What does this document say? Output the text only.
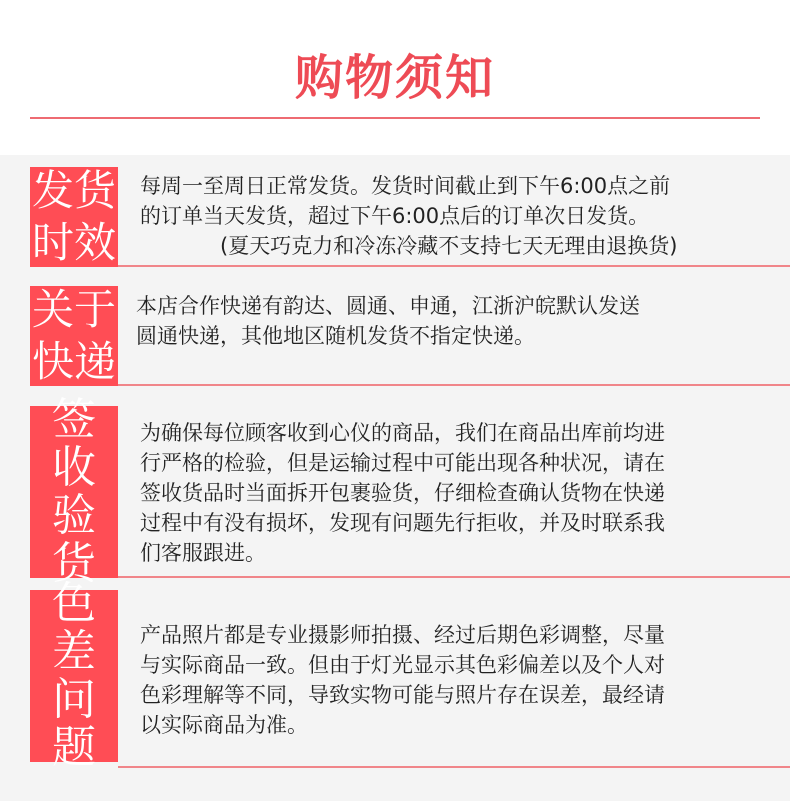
购物须知
发货
时效
每周一至周日正常发货。发货时间截止到下午6:00点之前
的订单当天发货，超过下午6:00点后的订单次日发货。
(夏天巧克力和冷冻冷藏不支持七天无理由退换货)
关于
快递
本店合作快递有韵达、圆通、申通，江浙沪皖默认发送
圆通快递，其他地区随机发货不指定快递。
签
收
验
货
为确保每位顾客收到心仪的商品，我们在商品出库前均进
行严格的检验，但是运输过程中可能出现各种状况，请在
签收货品时当面拆开包裹验货，仔细检查确认货物在快递
过程中有没有损坏，发现有问题先行拒收，并及时联系我
们客服跟进。
色
差
问
题
产品照片都是专业摄影师拍摄、经过后期色彩调整，尽量
与实际商品一致。但由于灯光显示其色彩偏差以及个人对
色彩理解等不同，导致实物可能与照片存在误差，最经请
以实际商品为准。
